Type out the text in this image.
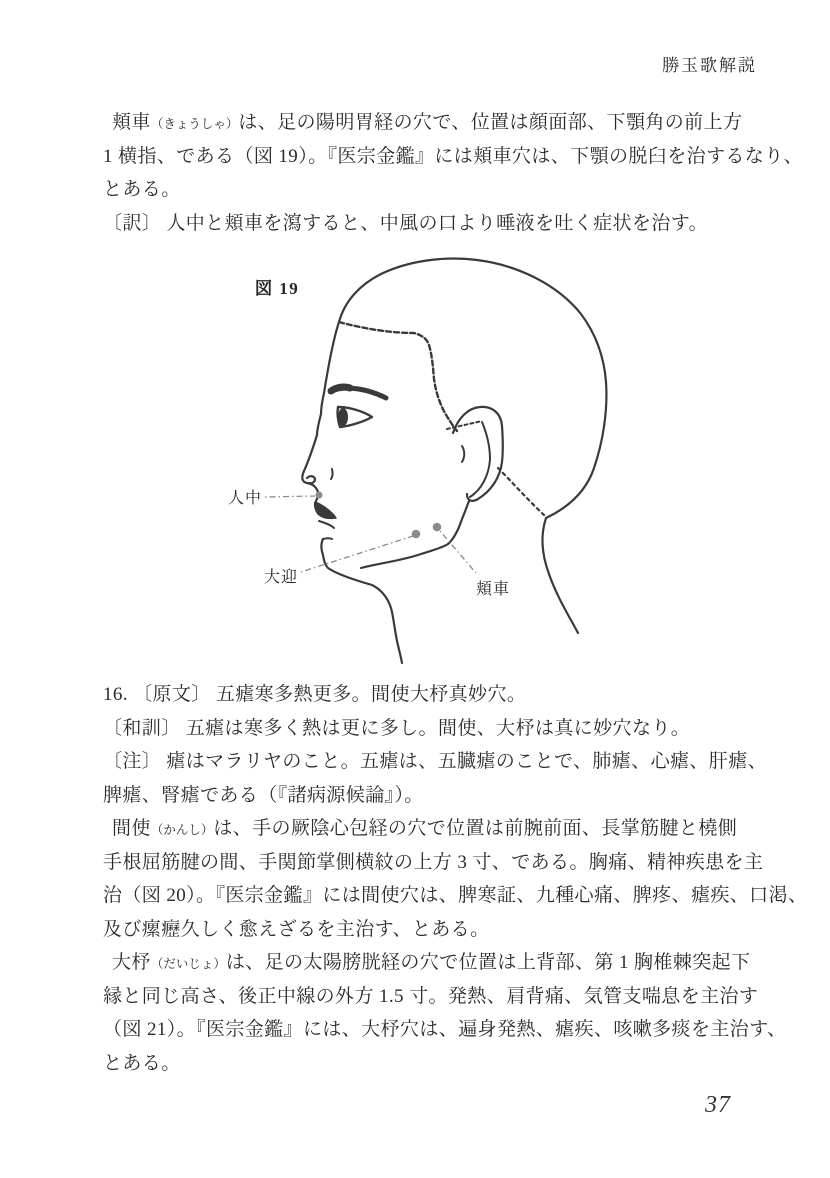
勝玉歌解説
頬車（きょうしゃ）は、足の陽明胃経の穴で、位置は顔面部、下顎角の前上方
1 横指、である（図 19）。『医宗金鑑』には頬車穴は、下顎の脱臼を治するなり、
とある。
〔訳〕 人中と頬車を瀉すると、中風の口より唾液を吐く症状を治す。
図 19
人中
大迎
頬車
16. 〔原文〕 五瘧寒多熱更多。間使大杼真妙穴。
〔和訓〕 五瘧は寒多く熱は更に多し。間使、大杼は真に妙穴なり。
〔注〕 瘧はマラリヤのこと。五瘧は、五臓瘧のことで、肺瘧、心瘧、肝瘧、
脾瘧、腎瘧である（『諸病源候論』）。
間使（かんし）は、手の厥陰心包経の穴で位置は前腕前面、長掌筋腱と橈側
手根屈筋腱の間、手関節掌側横紋の上方 3 寸、である。胸痛、精神疾患を主
治（図 20）。『医宗金鑑』には間使穴は、脾寒証、九種心痛、脾疼、瘧疾、口渇、
及び瘰癧久しく愈えざるを主治す、とある。
大杼（だいじょ）は、足の太陽膀胱経の穴で位置は上背部、第 1 胸椎棘突起下
縁と同じ高さ、後正中線の外方 1.5 寸。発熱、肩背痛、気管支喘息を主治す
（図 21）。『医宗金鑑』には、大杼穴は、遍身発熱、瘧疾、咳嗽多痰を主治す、
とある。
37
